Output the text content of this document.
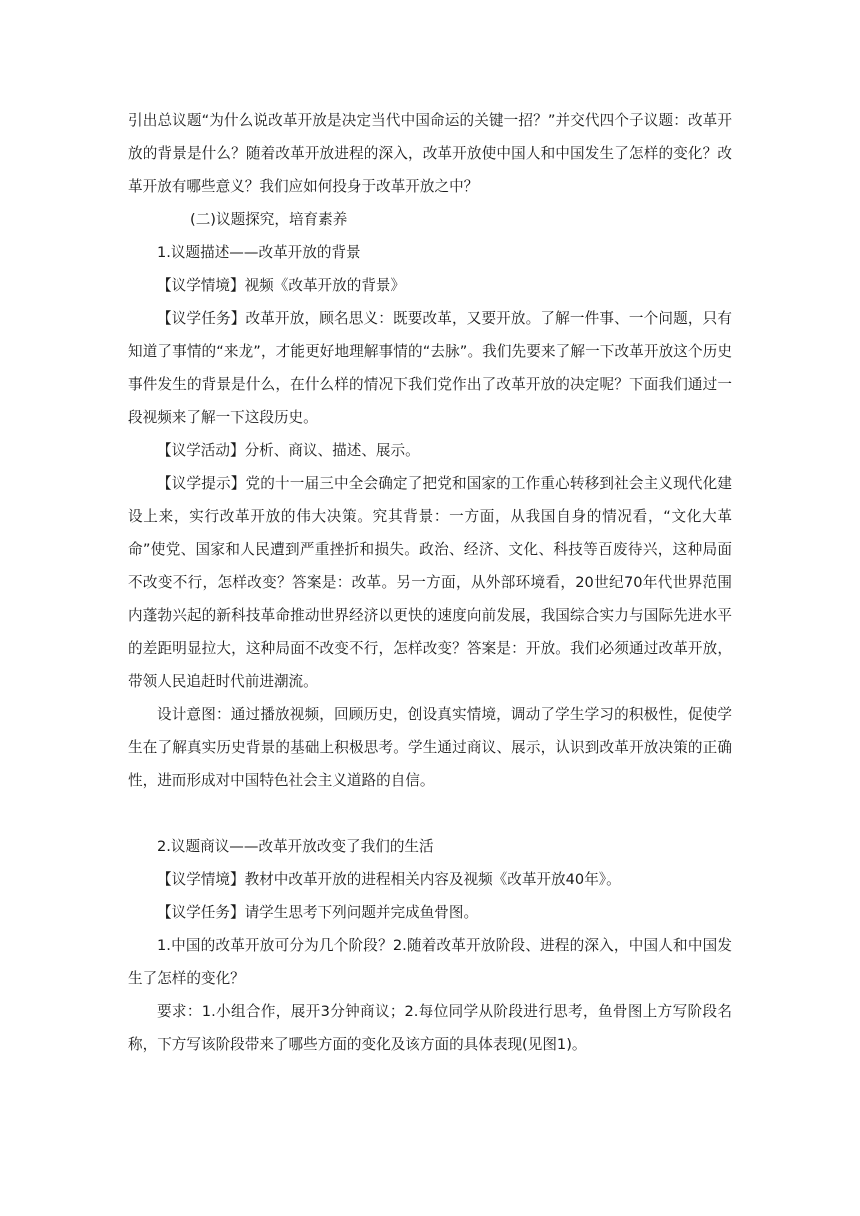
引出总议题“为什么说改革开放是决定当代中国命运的关键一招？”并交代四个子议题：改革开放的背景是什么？随着改革开放进程的深入，改革开放使中国人和中国发生了怎样的变化？改革开放有哪些意义？我们应如何投身于改革开放之中？

(二)议题探究，培育素养

1.议题描述——改革开放的背景

【议学情境】视频《改革开放的背景》

【议学任务】改革开放，顾名思义：既要改革，又要开放。了解一件事、一个问题，只有知道了事情的“来龙”，才能更好地理解事情的“去脉”。我们先要来了解一下改革开放这个历史事件发生的背景是什么，在什么样的情况下我们党作出了改革开放的决定呢？下面我们通过一段视频来了解一下这段历史。

【议学活动】分析、商议、描述、展示。

【议学提示】党的十一届三中全会确定了把党和国家的工作重心转移到社会主义现代化建设上来，实行改革开放的伟大决策。究其背景：一方面，从我国自身的情况看，“文化大革命”使党、国家和人民遭到严重挫折和损失。政治、经济、文化、科技等百废待兴，这种局面不改变不行，怎样改变？答案是：改革。另一方面，从外部环境看，20世纪70年代世界范围内蓬勃兴起的新科技革命推动世界经济以更快的速度向前发展，我国综合实力与国际先进水平的差距明显拉大，这种局面不改变不行，怎样改变？答案是：开放。我们必须通过改革开放，带领人民追赶时代前进潮流。

设计意图：通过播放视频，回顾历史，创设真实情境，调动了学生学习的积极性，促使学生在了解真实历史背景的基础上积极思考。学生通过商议、展示，认识到改革开放决策的正确性，进而形成对中国特色社会主义道路的自信。

2.议题商议——改革开放改变了我们的生活

【议学情境】教材中改革开放的进程相关内容及视频《改革开放40年》。

【议学任务】请学生思考下列问题并完成鱼骨图。

1.中国的改革开放可分为几个阶段？2.随着改革开放阶段、进程的深入，中国人和中国发生了怎样的变化？

要求：1.小组合作，展开3分钟商议；2.每位同学从阶段进行思考，鱼骨图上方写阶段名称，下方写该阶段带来了哪些方面的变化及该方面的具体表现(见图1)。
